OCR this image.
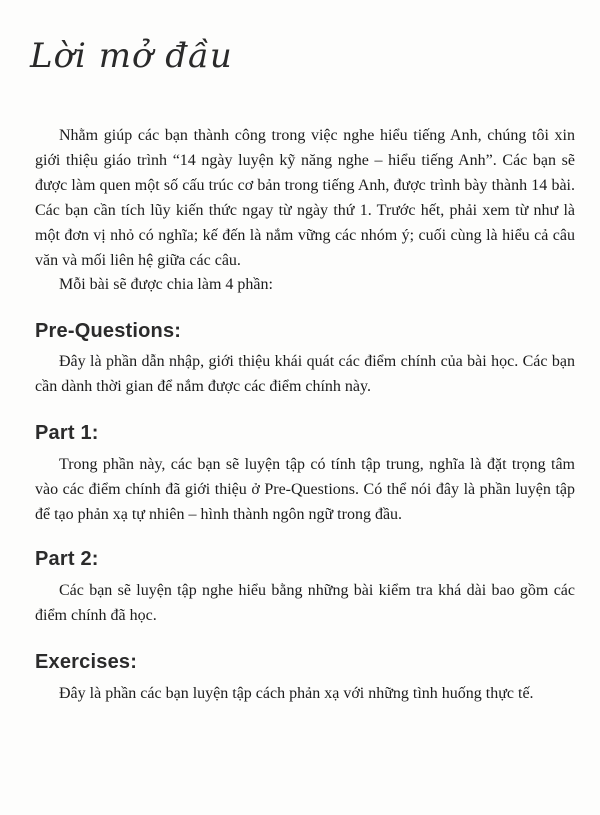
Lời mở đầu

Nhằm giúp các bạn thành công trong việc nghe hiểu tiếng Anh, chúng tôi xin giới thiệu giáo trình “14 ngày luyện kỹ năng nghe – hiểu tiếng Anh”. Các bạn sẽ được làm quen một số cấu trúc cơ bản trong tiếng Anh, được trình bày thành 14 bài. Các bạn cần tích lũy kiến thức ngay từ ngày thứ 1. Trước hết, phải xem từ như là một đơn vị nhỏ có nghĩa; kế đến là nắm vững các nhóm ý; cuối cùng là hiểu cả câu văn và mối liên hệ giữa các câu.

Mỗi bài sẽ được chia làm 4 phần:

Pre-Questions:

Đây là phần dẫn nhập, giới thiệu khái quát các điểm chính của bài học. Các bạn cần dành thời gian để nắm được các điểm chính này.

Part 1:

Trong phần này, các bạn sẽ luyện tập có tính tập trung, nghĩa là đặt trọng tâm vào các điểm chính đã giới thiệu ở Pre-Questions. Có thể nói đây là phần luyện tập để tạo phản xạ tự nhiên – hình thành ngôn ngữ trong đầu.

Part 2:

Các bạn sẽ luyện tập nghe hiểu bằng những bài kiểm tra khá dài bao gồm các điểm chính đã học.

Exercises:

Đây là phần các bạn luyện tập cách phản xạ với những tình huống thực tế.
